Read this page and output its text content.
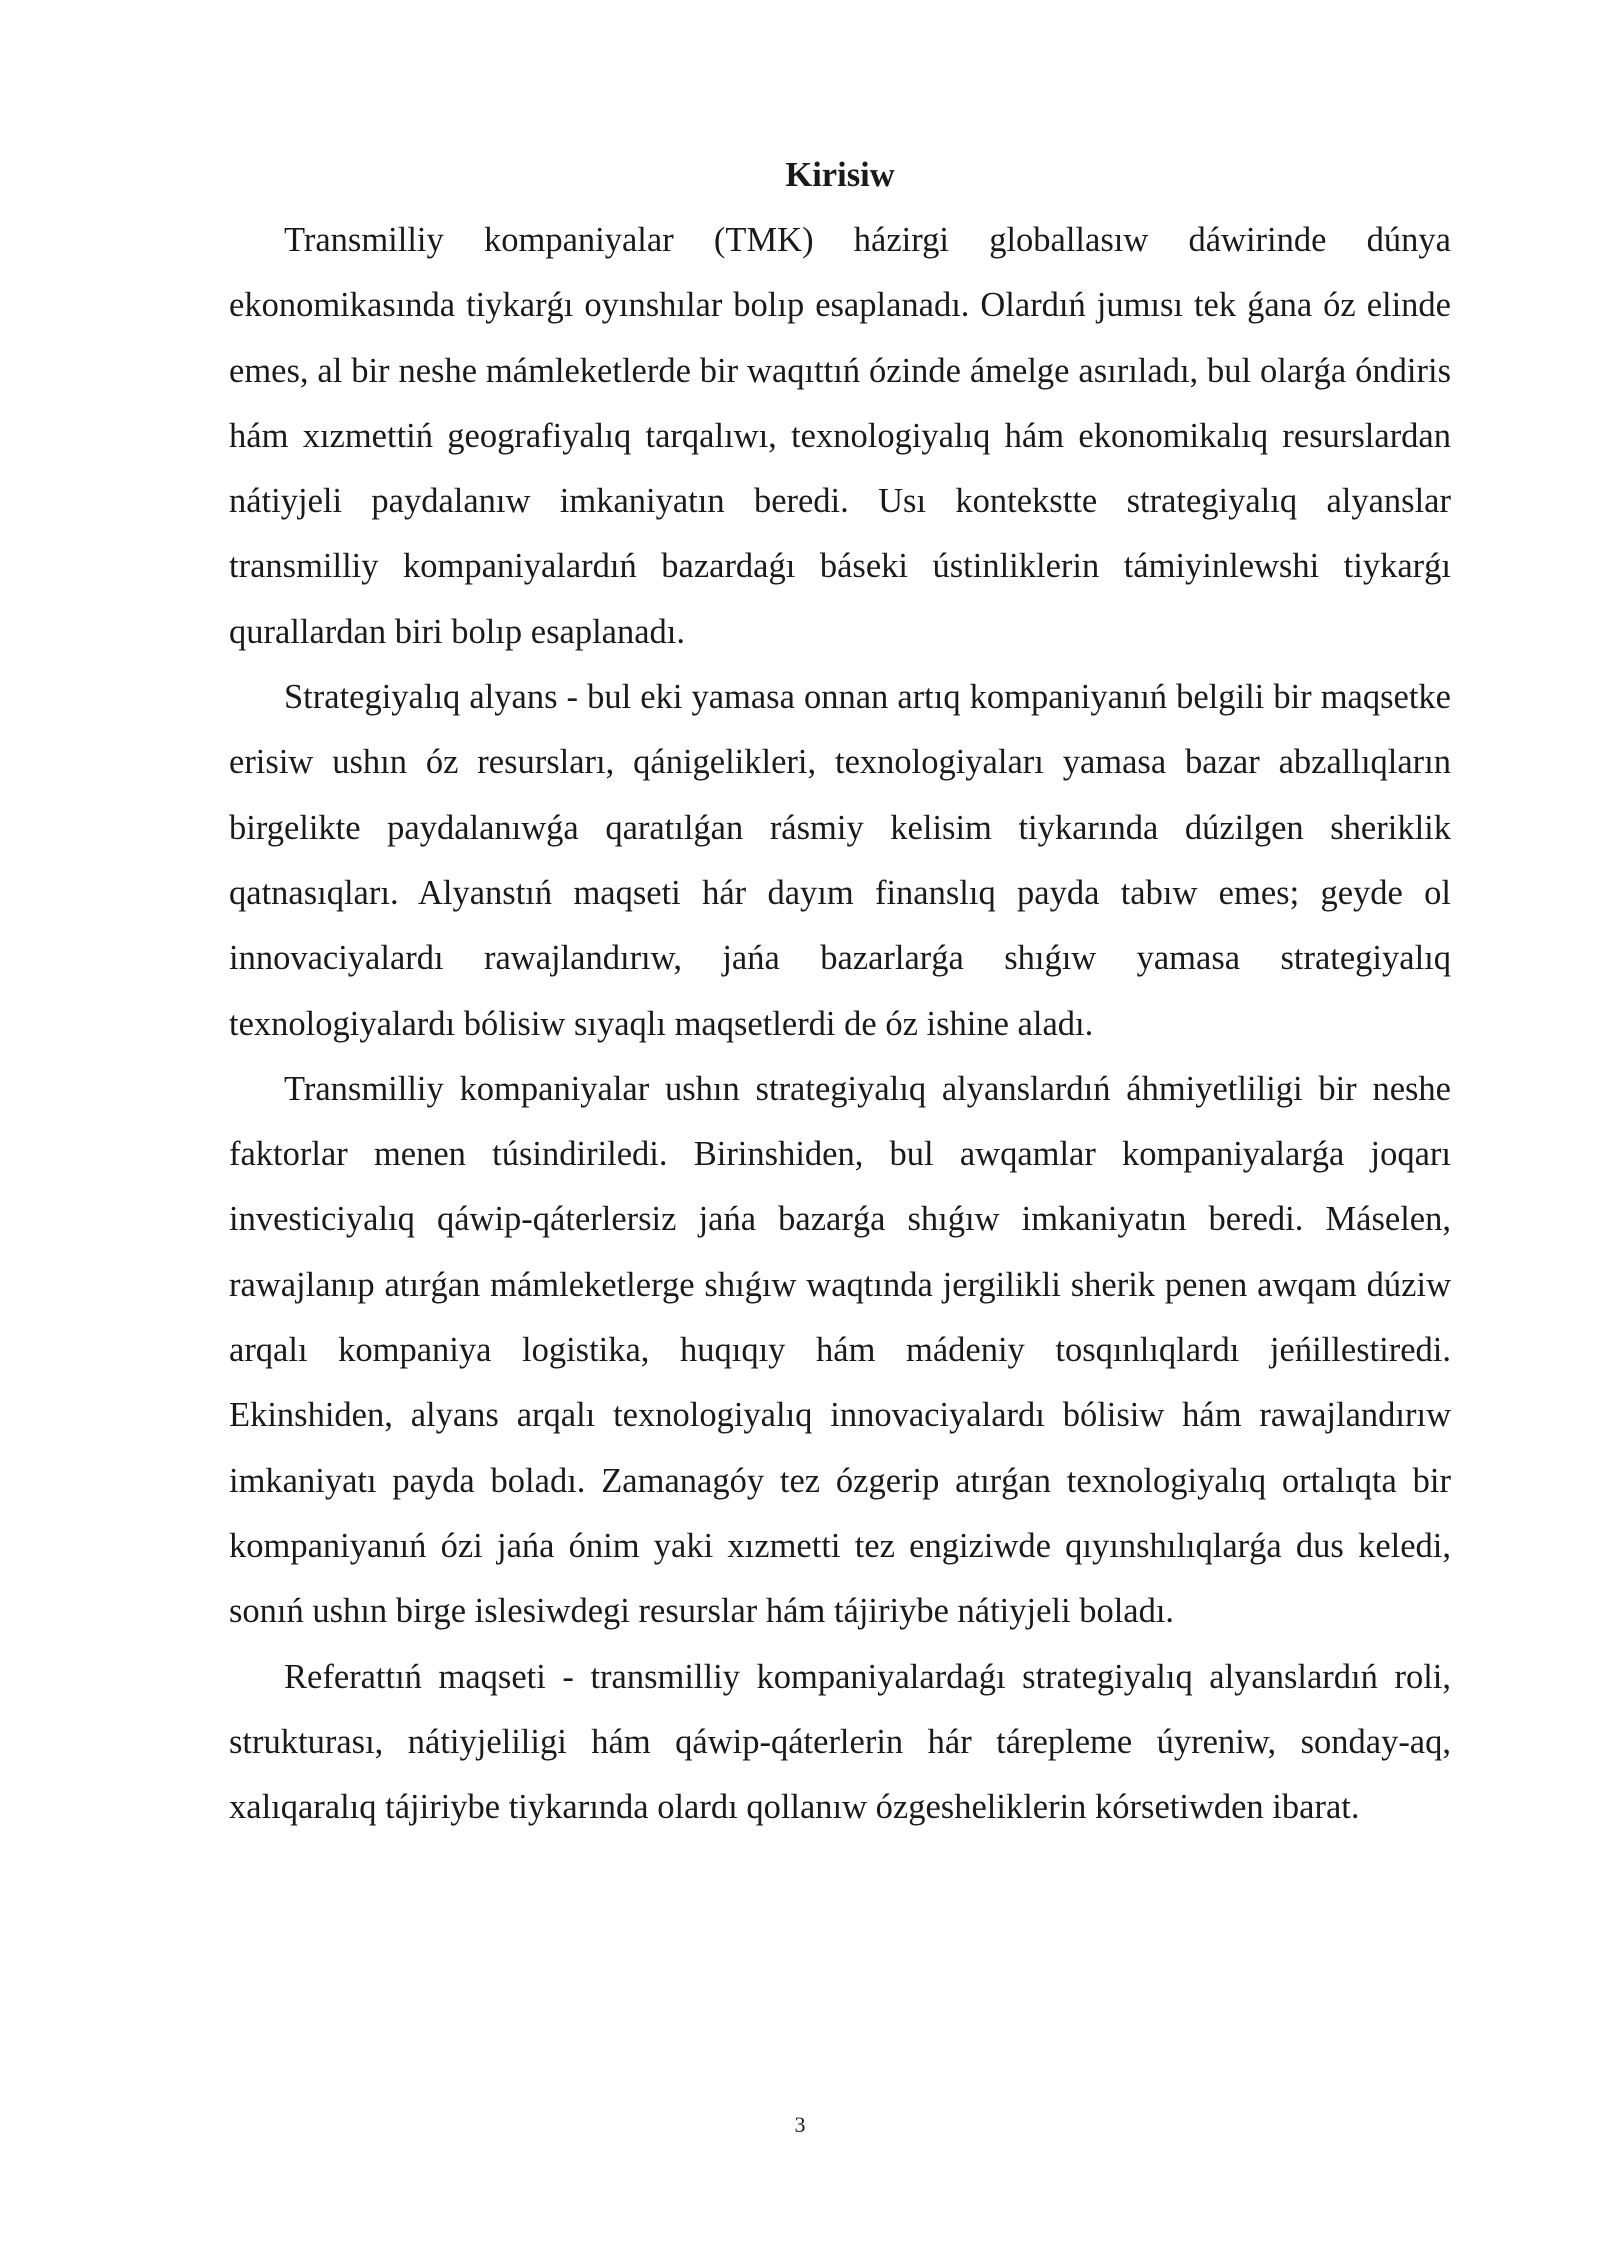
Kirisiw

Transmilliy kompaniyalar (TMK) házirgi globallasıw dáwirinde dúnya ekonomikasında tiykarǵı oyınshılar bolıp esaplanadı. Olardıń jumısı tek ǵana óz elinde emes, al bir neshe mámleketlerde bir waqıttıń ózinde ámelge asırıladı, bul olarǵa óndiris hám xızmettiń geografiyalıq tarqalıwı, texnologiyalıq hám ekonomikalıq resurslardan nátiyjeli paydalanıw imkaniyatın beredi. Usı kontekstte strategiyalıq alyanslar transmilliy kompaniyalardıń bazardaǵı báseki ústinliklerin támiyinlewshi tiykarǵı qurallardan biri bolıp esaplanadı.

Strategiyalıq alyans - bul eki yamasa onnan artıq kompaniyanıń belgili bir maqsetke erisiw ushın óz resursları, qánigelikleri, texnologiyaları yamasa bazar abzallıqların birgelikte paydalanıwǵa qaratılǵan rásmiy kelisim tiykarında dúzilgen sheriklik qatnasıqları. Alyanstıń maqseti hár dayım finanslıq payda tabıw emes; geyde ol innovaciyalardı rawajlandırıw, jańa bazarlarǵa shıǵıw yamasa strategiyalıq texnologiyalardı bólisiw sıyaqlı maqsetlerdi de óz ishine aladı.

Transmilliy kompaniyalar ushın strategiyalıq alyanslardıń áhmiyetliligi bir neshe faktorlar menen túsindiriledi. Birinshiden, bul awqamlar kompaniyalarǵa joqarı investiciyalıq qáwip-qáterlersiz jańa bazarǵa shıǵıw imkaniyatın beredi. Máselen, rawajlanıp atırǵan mámleketlerge shıǵıw waqtında jergilikli sherik penen awqam dúziw arqalı kompaniya logistika, huqıqıy hám mádeniy tosqınlıqlardı jeńillestiredi. Ekinshiden, alyans arqalı texnologiyalıq innovaciyalardı bólisiw hám rawajlandırıw imkaniyatı payda boladı. Zamanagóy tez ózgerip atırǵan texnologiyalıq ortalıqta bir kompaniyanıń ózi jańa ónim yaki xızmetti tez engiziwde qıyınshılıqlarǵa dus keledi, sonıń ushın birge islesiwdegi resurslar hám tájiriybe nátiyjeli boladı.

Referattıń maqseti - transmilliy kompaniyalardaǵı strategiyalıq alyanslardıń roli, strukturası, nátiyjeliligi hám qáwip-qáterlerin hár tárepleme úyreniw, sonday-aq, xalıqaralıq tájiriybe tiykarında olardı qollanıw ózgesheliklerin kórsetiwden ibarat.

3
